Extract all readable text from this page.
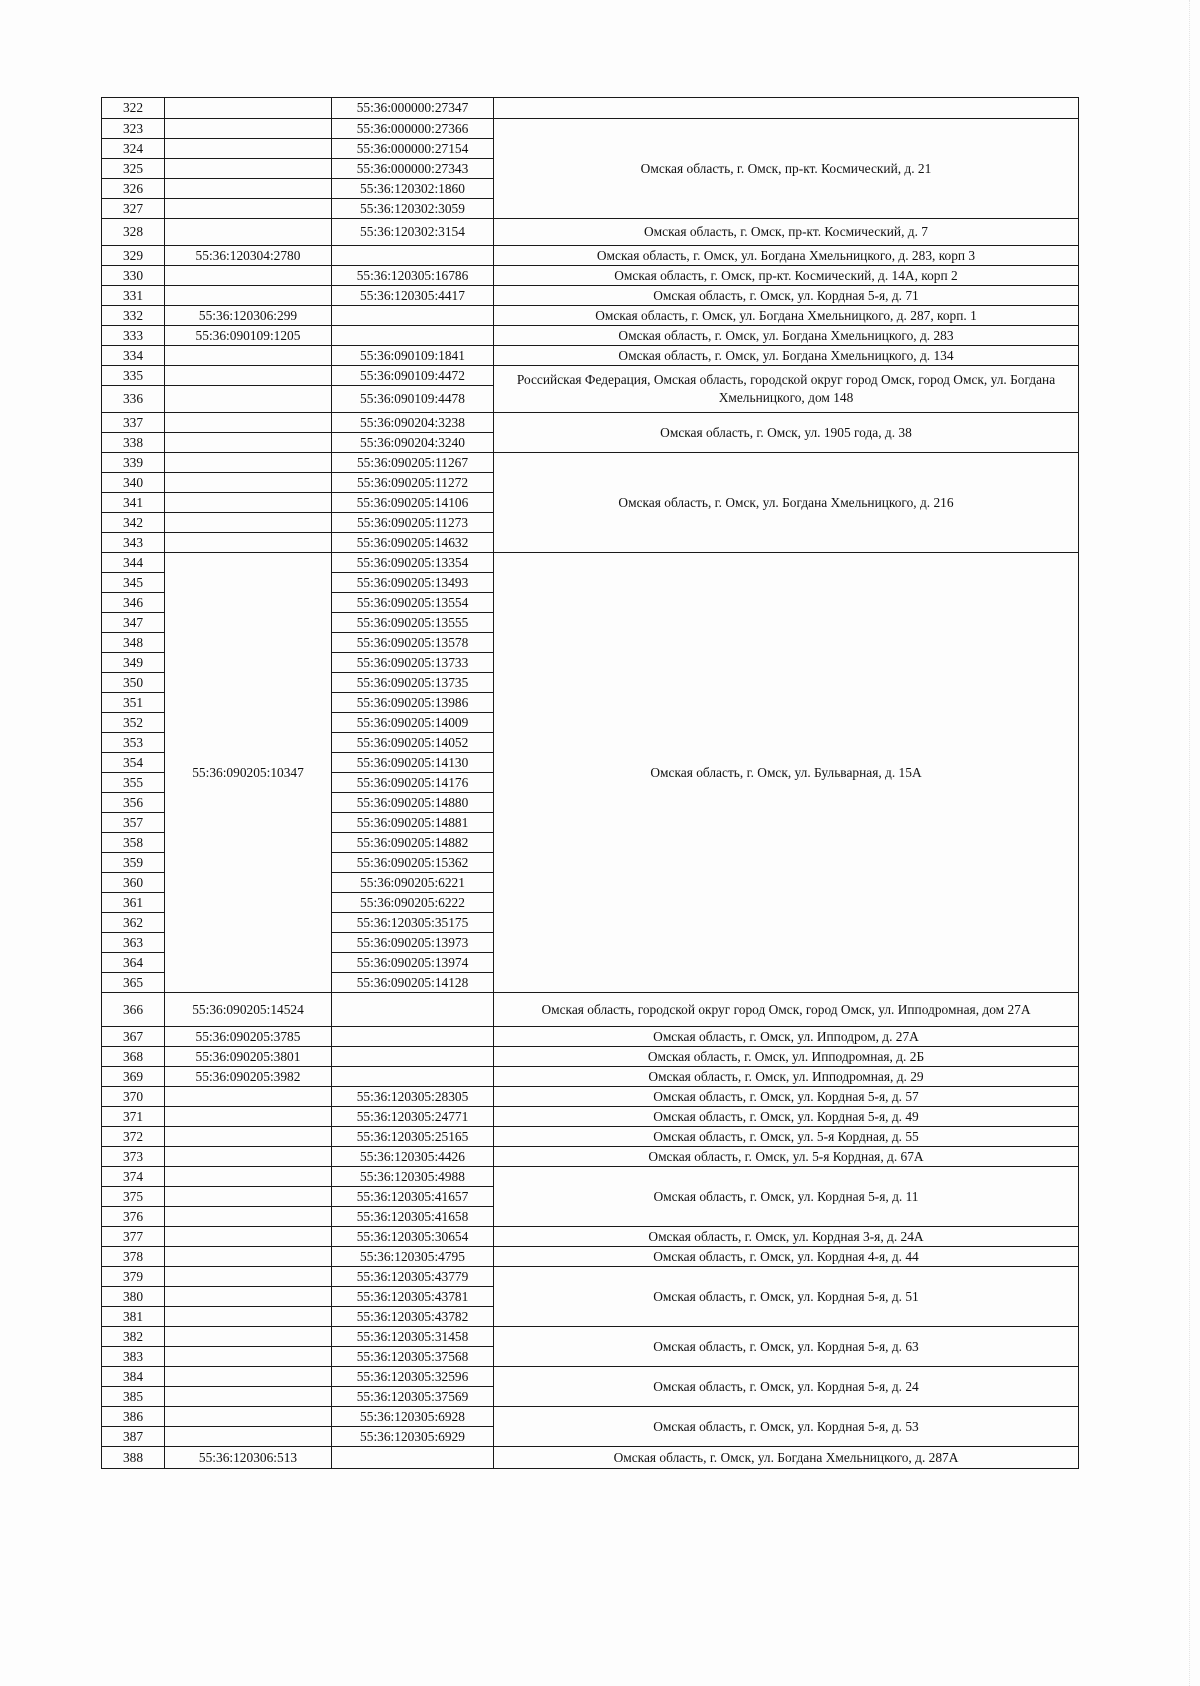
322		55:36:000000:27347	
323		55:36:000000:27366	Омская область, г. Омск, пр-кт. Космический, д. 21
324		55:36:000000:27154	
325		55:36:000000:27343	
326		55:36:120302:1860	
327		55:36:120302:3059	
328		55:36:120302:3154	Омская область, г. Омск, пр-кт. Космический, д. 7
329	55:36:120304:2780		Омская область, г. Омск, ул. Богдана Хмельницкого, д. 283, корп 3
330		55:36:120305:16786	Омская область, г. Омск, пр-кт. Космический, д. 14А, корп 2
331		55:36:120305:4417	Омская область, г. Омск, ул. Кордная 5-я, д. 71
332	55:36:120306:299		Омская область, г. Омск, ул. Богдана Хмельницкого, д. 287, корп. 1
333	55:36:090109:1205		Омская область, г. Омск, ул. Богдана Хмельницкого, д. 283
334		55:36:090109:1841	Омская область, г. Омск, ул. Богдана Хмельницкого, д. 134
335		55:36:090109:4472	Российская Федерация, Омская область, городской округ город Омск, город Омск, ул. Богдана Хмельницкого, дом 148
336		55:36:090109:4478	
337		55:36:090204:3238	Омская область, г. Омск, ул. 1905 года, д. 38
338		55:36:090204:3240	
339		55:36:090205:11267	Омская область, г. Омск, ул. Богдана Хмельницкого, д. 216
340		55:36:090205:11272	
341		55:36:090205:14106	
342		55:36:090205:11273	
343		55:36:090205:14632	
344	55:36:090205:10347	55:36:090205:13354	Омская область, г. Омск, ул. Бульварная, д. 15А
345		55:36:090205:13493	
346		55:36:090205:13554	
347		55:36:090205:13555	
348		55:36:090205:13578	
349		55:36:090205:13733	
350		55:36:090205:13735	
351		55:36:090205:13986	
352		55:36:090205:14009	
353		55:36:090205:14052	
354		55:36:090205:14130	
355		55:36:090205:14176	
356		55:36:090205:14880	
357		55:36:090205:14881	
358		55:36:090205:14882	
359		55:36:090205:15362	
360		55:36:090205:6221	
361		55:36:090205:6222	
362		55:36:120305:35175	
363		55:36:090205:13973	
364		55:36:090205:13974	
365		55:36:090205:14128	
366	55:36:090205:14524		Омская область, городской округ город Омск, город Омск, ул. Ипподромная, дом 27А
367	55:36:090205:3785		Омская область, г. Омск, ул. Ипподром, д. 27А
368	55:36:090205:3801		Омская область, г. Омск, ул. Ипподромная, д. 2Б
369	55:36:090205:3982		Омская область, г. Омск, ул. Ипподромная, д. 29
370		55:36:120305:28305	Омская область, г. Омск, ул. Кордная 5-я, д. 57
371		55:36:120305:24771	Омская область, г. Омск, ул. Кордная 5-я, д. 49
372		55:36:120305:25165	Омская область, г. Омск, ул. 5-я Кордная, д. 55
373		55:36:120305:4426	Омская область, г. Омск, ул. 5-я Кордная, д. 67А
374		55:36:120305:4988	Омская область, г. Омск, ул. Кордная 5-я, д. 11
375		55:36:120305:41657	
376		55:36:120305:41658	
377		55:36:120305:30654	Омская область, г. Омск, ул. Кордная 3-я, д. 24А
378		55:36:120305:4795	Омская область, г. Омск, ул. Кордная 4-я, д. 44
379		55:36:120305:43779	Омская область, г. Омск, ул. Кордная 5-я, д. 51
380		55:36:120305:43781	
381		55:36:120305:43782	
382		55:36:120305:31458	Омская область, г. Омск, ул. Кордная 5-я, д. 63
383		55:36:120305:37568	
384		55:36:120305:32596	Омская область, г. Омск, ул. Кордная 5-я, д. 24
385		55:36:120305:37569	
386		55:36:120305:6928	Омская область, г. Омск, ул. Кордная 5-я, д. 53
387		55:36:120305:6929	
388	55:36:120306:513		Омская область, г. Омск, ул. Богдана Хмельницкого, д. 287А
